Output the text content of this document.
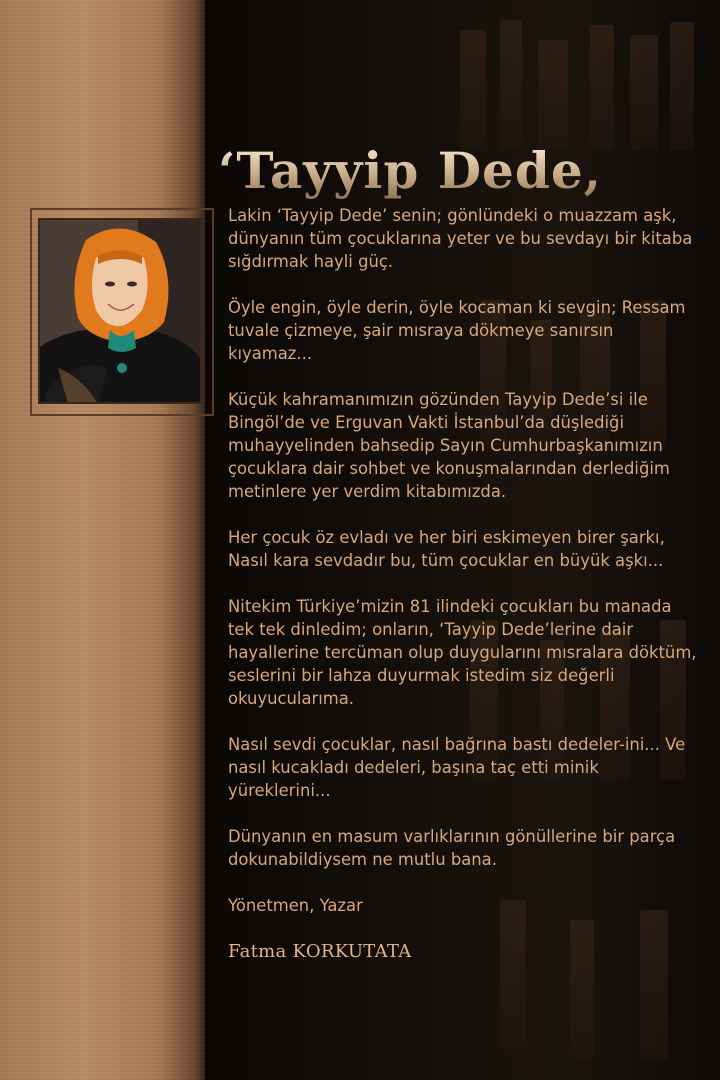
‘Tayyip Dede,

Lakin ‘Tayyip Dede’ senin; gönlündeki o muazzam aşk, dünyanın tüm çocuklarına yeter ve bu sevdayı bir kitaba sığdırmak hayli güç.

Öyle engin, öyle derin, öyle kocaman ki sevgin; Ressam tuvale çizmeye, şair mısraya dökmeye sanırsın kıyamaz...

Küçük kahramanımızın gözünden Tayyip Dede’si ile Bingöl’de ve Erguvan Vakti İstanbul’da düşlediği muhayyelinden bahsedip Sayın Cumhurbaşkanımızın çocuklara dair sohbet ve konuşmalarından derlediğim metinlere yer verdim kitabımızda.

Her çocuk öz evladı ve her biri eskimeyen birer şarkı, Nasıl kara sevdadır bu, tüm çocuklar en büyük aşkı...

Nitekim Türkiye’mizin 81 ilindeki çocukları bu manada tek tek dinledim; onların, ‘Tayyip Dede’lerine dair hayallerine tercüman olup duygularını mısralara döktüm, seslerini bir lahza duyurmak istedim siz değerli okuyucularıma.

Nasıl sevdi çocuklar, nasıl bağrına bastı dedeler-ini... Ve nasıl kucakladı dedeleri, başına taç etti minik yüreklerini...

Dünyanın en masum varlıklarının gönüllerine bir parça dokunabildiysem ne mutlu bana.

Yönetmen, Yazar

Fatma KORKUTATA
